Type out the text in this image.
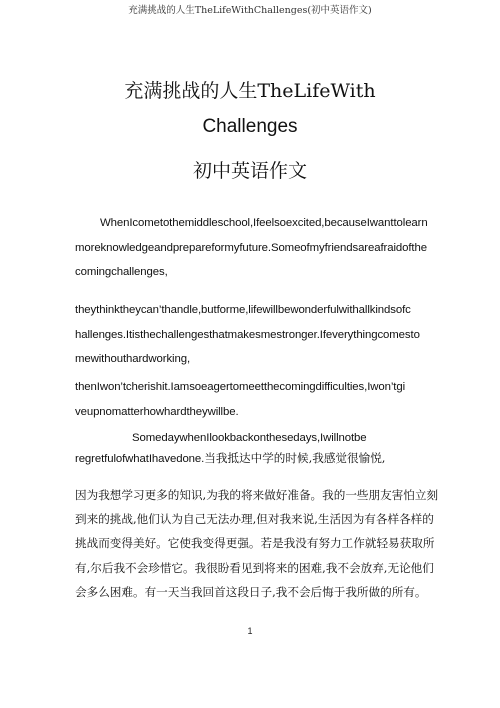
充满挑战的人生TheLifeWithChallenges(初中英语作文)
充满挑战的人生TheLifeWith
Challenges
初中英语作文
WhenIcometothemiddleschool,Ifeelsoexcited,becauseIwanttolearn
moreknowledgeandprepareformyfuture.Someofmyfriendsareafraidofthe
comingchallenges,
theythinktheycan’thandle,butforme,lifewillbewonderfulwithallkindsofc
hallenges.Itisthechallengesthatmakesmestronger.Ifeverythingcomesto
mewithouthardworking,
thenIwon’tcherishit.Iamsoeagertomeetthecomingdifficulties,Iwon’tgi
veupnomatterhowhardtheywillbe.
SomedaywhenIlookbackonthesedays,Iwillnotbe
regretfulofwhatIhavedone.当我抵达中学的时候,我感觉很愉悦,
因为我想学习更多的知识,为我的将来做好准备。我的一些朋友害怕立刻
到来的挑战,他们认为自己无法办理,但对我来说,生活因为有各样各样的
挑战而变得美好。它使我变得更强。若是我没有努力工作就轻易获取所
有,尔后我不会珍惜它。我很盼看见到将来的困难,我不会放弃,无论他们
会多么困难。有一天当我回首这段日子,我不会后悔于我所做的所有。
1
